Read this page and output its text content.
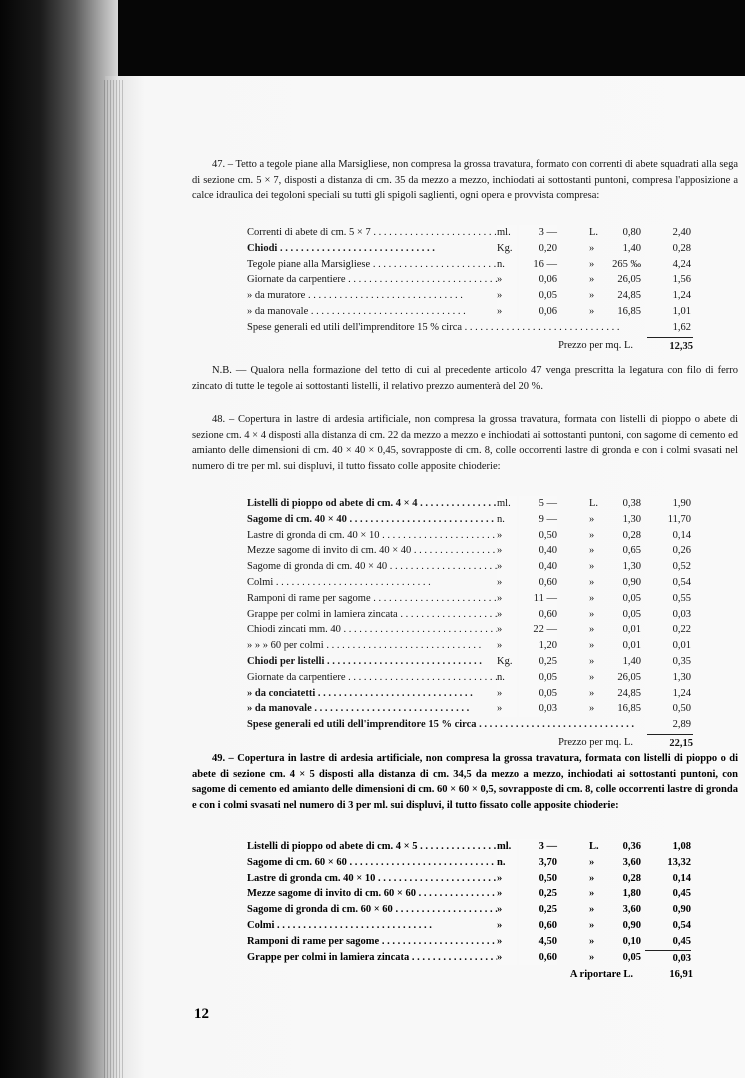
47. – Tetto a tegole piane alla Marsigliese, non compresa la grossa travatura, formato con correnti di abete squadrati alla sega di sezione cm. 5 × 7, disposti a distanza di cm. 35 da mezzo a mezzo, inchiodati ai sottostanti puntoni, compresa l'apposizione a calce idraulica dei tegoloni speciali su tutti gli spigoli saglienti, ogni opera e provvista compresa:

Correnti di abete di cm. 5 × 7 . . .	ml.	3 —	L.	0,80	2,40
Chiodi . . .	Kg.	0,20	»	1,40	0,28
Tegole piane alla Marsigliese . . .	n.	16 —	»	265 ‰	4,24
Giornate da carpentiere . . .	»	0,06	»	26,05	1,56
» da muratore . . .	»	0,05	»	24,85	1,24
» da manovale . . .	»	0,06	»	16,85	1,01
Spese generali ed utili dell'imprenditore 15 % circa . . .	1,62
Prezzo per mq. L.	12,35

N.B. — Qualora nella formazione del tetto di cui al precedente articolo 47 venga prescritta la legatura con filo di ferro zincato di tutte le tegole ai sottostanti listelli, il relativo prezzo aumenterà del 20 %.

48. – Copertura in lastre di ardesia artificiale, non compresa la grossa travatura, formata con listelli di pioppo o abete di sezione cm. 4 × 4 disposti alla distanza di cm. 22 da mezzo a mezzo e inchiodati ai sottostanti puntoni, con sagome di cemento ed amianto delle dimensioni di cm. 40 × 40 × 0,45, sovrapposte di cm. 8, colle occorrenti lastre di gronda e con i colmi svasati nel numero di tre per ml. sui displuvi, il tutto fissato colle apposite chioderie:

Listelli di pioppo od abete di cm. 4 × 4 . . .	ml.	5 —	L.	0,38	1,90
Sagome di cm. 40 × 40 . . .	n.	9 —	»	1,30	11,70
Lastre di gronda di cm. 40 × 10 . . .	»	0,50	»	0,28	0,14
Mezze sagome di invito di cm. 40 × 40 . . .	»	0,40	»	0,65	0,26
Sagome di gronda di cm. 40 × 40 . . .	»	0,40	»	1,30	0,52
Colmi . . .	»	0,60	»	0,90	0,54
Ramponi di rame per sagome . . .	»	11 —	»	0,05	0,55
Grappe per colmi in lamiera zincata . . .	»	0,60	»	0,05	0,03
Chiodi zincati mm. 40 . . .	»	22 —	»	0,01	0,22
» » » 60 per colmi . . .	»	1,20	»	0,01	0,01
Chiodi per listelli . . .	Kg.	0,25	»	1,40	0,35
Giornate da carpentiere . . .	n.	0,05	»	26,05	1,30
» da conciatetti . . .	»	0,05	»	24,85	1,24
» da manovale . . .	»	0,03	»	16,85	0,50
Spese generali ed utili dell'imprenditore 15 % circa . . .	2,89
Prezzo per mq. L.	22,15

49. – Copertura in lastre di ardesia artificiale, non compresa la grossa travatura, formata con listelli di pioppo o di abete di sezione cm. 4 × 5 disposti alla distanza di cm. 34,5 da mezzo a mezzo, inchiodati ai sottostanti puntoni, con sagome di cemento ed amianto delle dimensioni di cm. 60 × 60 × 0,5, sovrapposte di cm. 8, colle occorrenti lastre di gronda e con i colmi svasati nel numero di 3 per ml. sui displuvi, il tutto fissato colle apposite chioderie:

Listelli di pioppo od abete di cm. 4 × 5 . . .	ml.	3 —	L.	0,36	1,08
Sagome di cm. 60 × 60 . . .	n.	3,70	»	3,60	13,32
Lastre di gronda cm. 40 × 10 . . .	»	0,50	»	0,28	0,14
Mezze sagome di invito di cm. 60 × 60 . . .	»	0,25	»	1,80	0,45
Sagome di gronda di cm. 60 × 60 . . .	»	0,25	»	3,60	0,90
Colmi . . .	»	0,60	»	0,90	0,54
Ramponi di rame per sagome . . .	»	4,50	»	0,10	0,45
Grappe per colmi in lamiera zincata . . .	»	0,60	»	0,05	0,03
A riportare L.	16,91
12
